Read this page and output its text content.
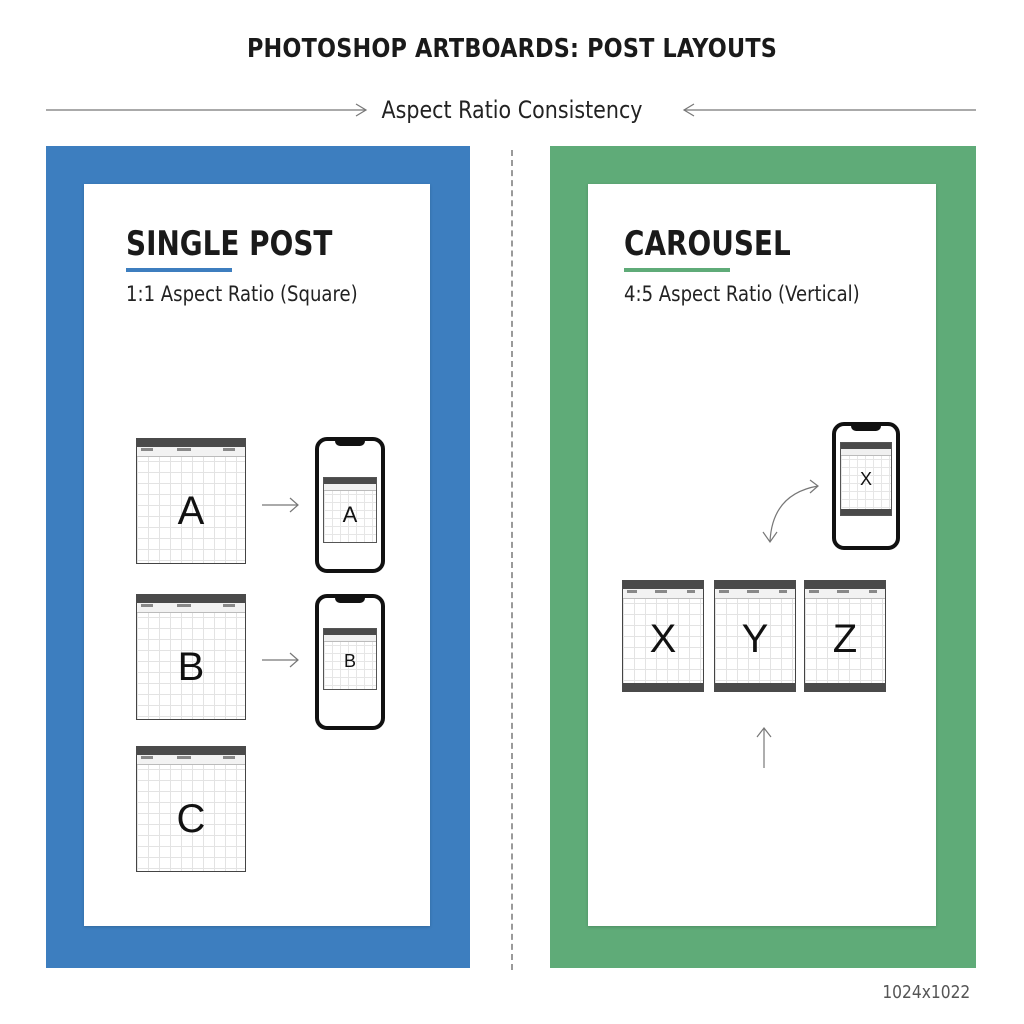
PHOTOSHOP ARTBOARDS: POST LAYOUTS
Aspect Ratio Consistency
SINGLE POST
1:1 Aspect Ratio (Square)
A
B
C
A
B
CAROUSEL
4:5 Aspect Ratio (Vertical)
X	Y	Z
X
1024x1022
